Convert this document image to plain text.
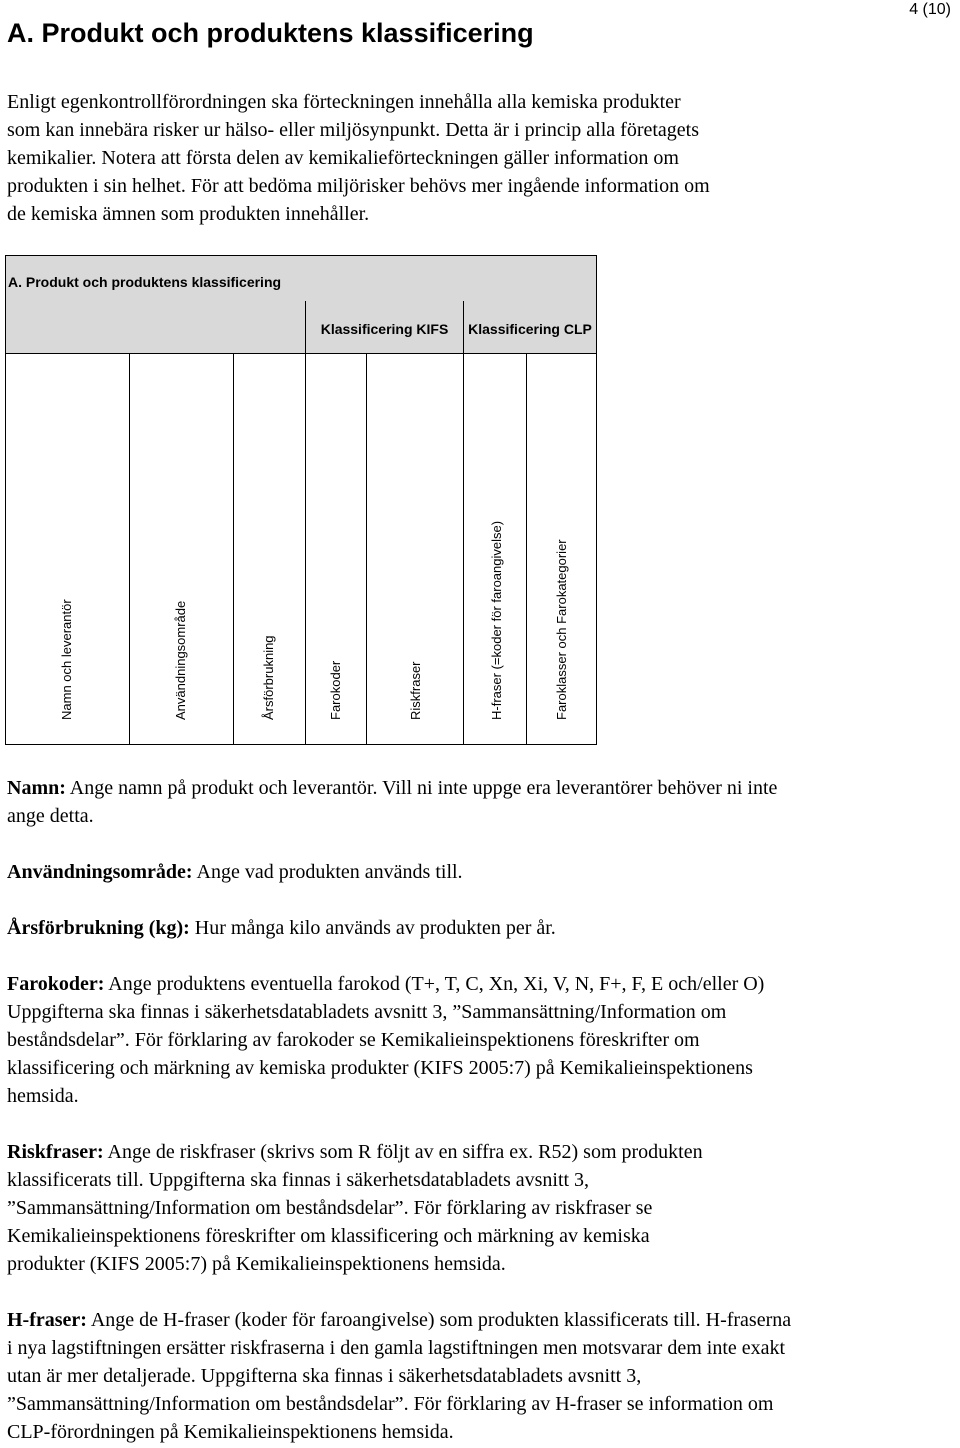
A. Produkt och produktens klassificering
4 (10)

Enligt egenkontrollförordningen ska förteckningen innehålla alla kemiska produkter
som kan innebära risker ur hälso- eller miljösynpunkt. Detta är i princip alla företagets
kemikalier. Notera att första delen av kemikalieförteckningen gäller information om
produkten i sin helhet. För att bedöma miljörisker behövs mer ingående information om
de kemiska ämnen som produkten innehåller.

A. Produkt och produktens klassificering
Klassificering KIFS	Klassificering CLP
Namn och leverantör	Användningsområde	Årsförbrukning	Farokoder	Riskfraser	H-fraser (=koder för faroangivelse)	Faroklasser och Farokategorier

Namn: Ange namn på produkt och leverantör. Vill ni inte uppge era leverantörer behöver ni inte
ange detta.

Användningsområde: Ange vad produkten används till.

Årsförbrukning (kg): Hur många kilo används av produkten per år.

Farokoder: Ange produktens eventuella farokod (T+, T, C, Xn, Xi, V, N, F+, F, E och/eller O)
Uppgifterna ska finnas i säkerhetsdatabladets avsnitt 3, ”Sammansättning/Information om
beståndsdelar”. För förklaring av farokoder se Kemikalieinspektionens föreskrifter om
klassificering och märkning av kemiska produkter (KIFS 2005:7) på Kemikalieinspektionens
hemsida.

Riskfraser: Ange de riskfraser (skrivs som R följt av en siffra ex. R52) som produkten
klassificerats till. Uppgifterna ska finnas i säkerhetsdatabladets avsnitt 3,
”Sammansättning/Information om beståndsdelar”. För förklaring av riskfraser se
Kemikalieinspektionens föreskrifter om klassificering och märkning av kemiska
produkter (KIFS 2005:7) på Kemikalieinspektionens hemsida.

H-fraser: Ange de H-fraser (koder för faroangivelse) som produkten klassificerats till. H-fraserna
i nya lagstiftningen ersätter riskfraserna i den gamla lagstiftningen men motsvarar dem inte exakt
utan är mer detaljerade. Uppgifterna ska finnas i säkerhetsdatabladets avsnitt 3,
”Sammansättning/Information om beståndsdelar”. För förklaring av H-fraser se information om
CLP-förordningen på Kemikalieinspektionens hemsida.
